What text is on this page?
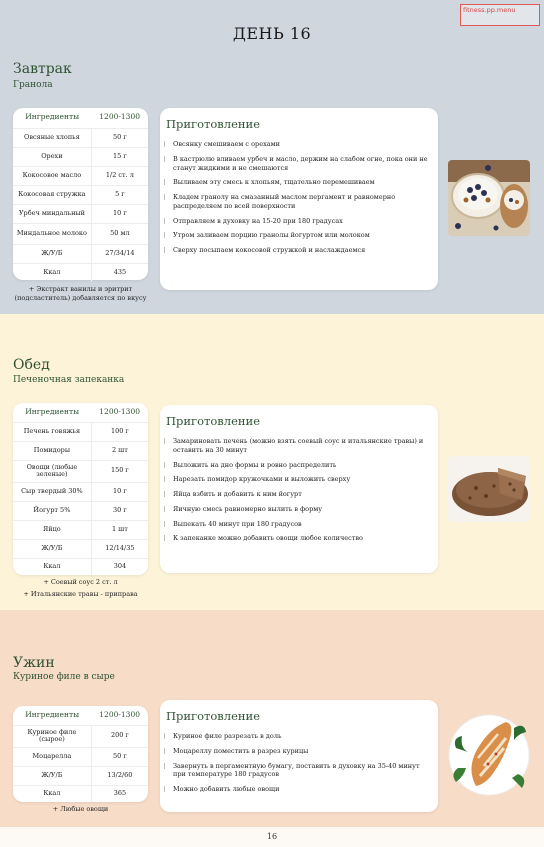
ДЕНЬ 16
fitness.pp.menu
Завтрак
Гранола
Ингредиенты	1200-1300
Овсяные хлопья	50 г
Орехи	15 г
Кокосовое масло	1/2 ст. л
Кокосовая стружка	5 г
Урбеч миндальный	10 г
Миндальное молоко	50 мл
Ж/У/Б	27/34/14
Ккал	435
+ Экстракт ванилы и эритрит
(подсластитель) добавляется по вкусу
Приготовление
Овсянку смешиваем с орехами
В кастрюлю вливаем урбеч и масло, держим на слабом огне, пока они не станут жидкими и не смешаются
Выливаем эту смесь к хлопьям, тщательно перемешиваем
Кладем гранолу на смазанный маслом пергамент и равномерно распределяем по всей поверхности
Отправляем в духовку на 15-20 при 180 градусах
Утром заливаем порцию гранолы йогуртом или молоком
Сверху посыпаем кокосовой стружкой и наслаждаемся
Обед
Печеночная запеканка
Ингредиенты	1200-1300
Печень говяжья	100 г
Помидоры	2 шт
Овощи (любые зеленые)	150 г
Сыр твердый 30%	10 г
Йогурт 5%	30 г
Яйцо	1 шт
Ж/У/Б	12/14/35
Ккал	304
+ Соевый соус 2 ст. л
+ Итальянские травы - приправа
Приготовление
Замариновать печень (можно взять соевый соус и итальянские травы) и оставить на 30 минут
Выложить на дно формы и ровно распределить
Нарезать помидор кружочками и выложить сверху
Яйца взбить и добавить к ним йогурт
Яичную смесь равномерно вылить в форму
Выпекать 40 минут при 180 градусов
К запеканке можно добавить овощи любое количество
Ужин
Куриное филе в сыре
Ингредиенты	1200-1300
Куриное филе (сырое)	200 г
Моцарелла	50 г
Ж/У/Б	13/2/60
Ккал	365
+ Любые овощи
Приготовление
Куриное филе разрезать в доль
Моцареллу поместить в разрез курицы
Завернуть в пергаментную бумагу, поставить в духовку на 35-40 минут при температуре 180 градусов
Можно добавить любые овощи
16
